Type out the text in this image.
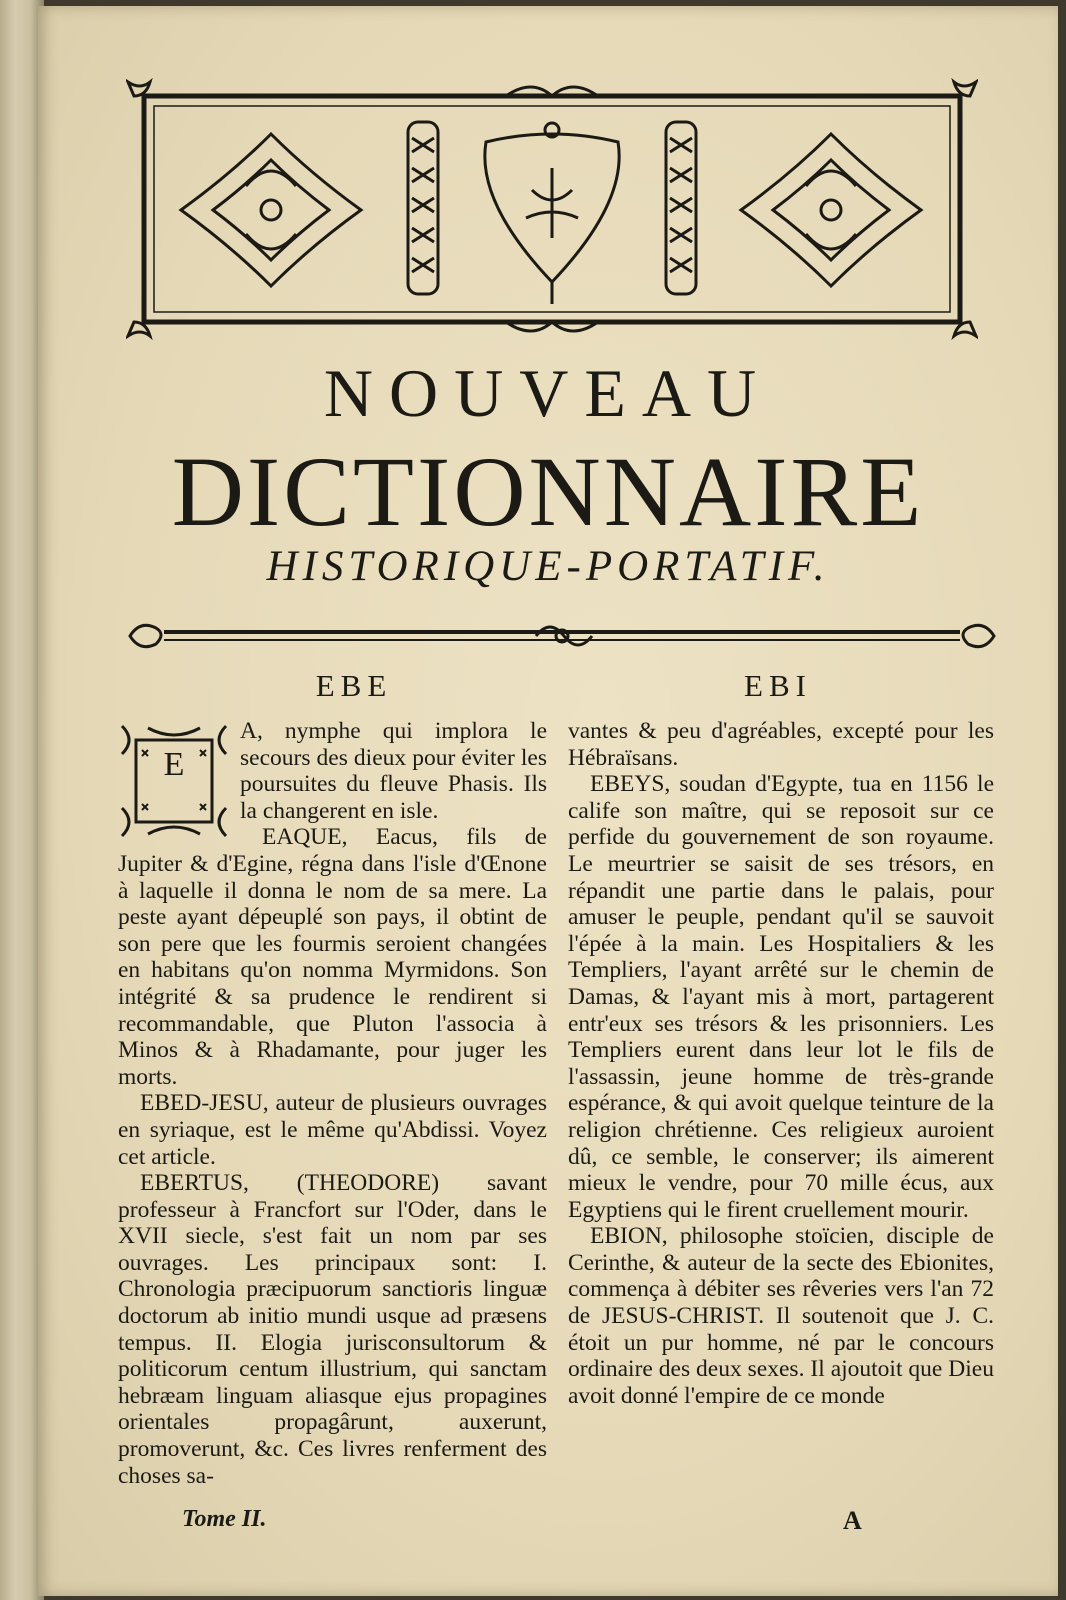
NOUVEAU
DICTIONNAIRE
HISTORIQUE-PORTATIF.
EBE	EBI
E

A, nymphe qui implora le secours des dieux pour éviter les poursuites du fleuve Phasis. Ils la changerent en isle.

EAQUE, Eacus, fils de Jupiter & d'Egine, régna dans l'isle d'Œnone à laquelle il donna le nom de sa mere. La peste ayant dépeuplé son pays, il obtint de son pere que les fourmis seroient changées en habitans qu'on nomma Myrmidons. Son intégrité & sa prudence le rendirent si recommandable, que Pluton l'associa à Minos & à Rhadamante, pour juger les morts.

EBED-JESU, auteur de plusieurs ouvrages en syriaque, est le même qu'Abdissi. Voyez cet article.

EBERTUS, (THEODORE) savant professeur à Francfort sur l'Oder, dans le XVII siecle, s'est fait un nom par ses ouvrages. Les principaux sont: I. Chronologia præcipuorum sanctioris linguæ doctorum ab initio mundi usque ad præsens tempus. II. Elogia jurisconsultorum & politicorum centum illustrium, qui sanctam hebræam linguam aliasque ejus propagines orientales propagârunt, auxerunt, promoverunt, &c. Ces livres renferment des choses sa-

vantes & peu d'agréables, excepté pour les Hébraïsans.

EBEYS, soudan d'Egypte, tua en 1156 le calife son maître, qui se reposoit sur ce perfide du gouvernement de son royaume. Le meurtrier se saisit de ses trésors, en répandit une partie dans le palais, pour amuser le peuple, pendant qu'il se sauvoit l'épée à la main. Les Hospitaliers & les Templiers, l'ayant arrêté sur le chemin de Damas, & l'ayant mis à mort, partagerent entr'eux ses trésors & les prisonniers. Les Templiers eurent dans leur lot le fils de l'assassin, jeune homme de très-grande espérance, & qui avoit quelque teinture de la religion chrétienne. Ces religieux auroient dû, ce semble, le conserver; ils aimerent mieux le vendre, pour 70 mille écus, aux Egyptiens qui le firent cruellement mourir.

EBION, philosophe stoïcien, disciple de Cerinthe, & auteur de la secte des Ebionites, commença à débiter ses rêveries vers l'an 72 de JESUS-CHRIST. Il soutenoit que J. C. étoit un pur homme, né par le concours ordinaire des deux sexes. Il ajoutoit que Dieu avoit donné l'empire de ce monde

Tome II.	A
